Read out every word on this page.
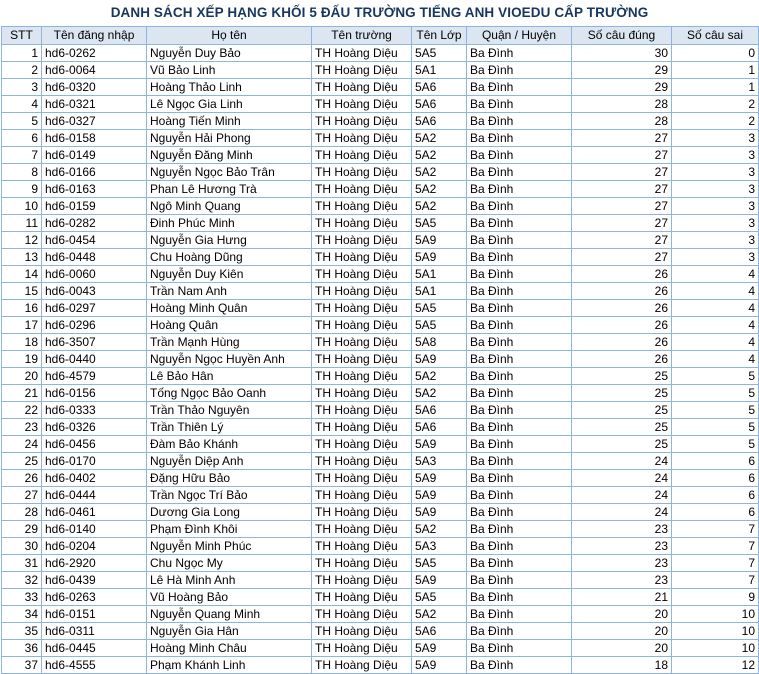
DANH SÁCH XẾP HẠNG KHỐI 5 ĐẤU TRƯỜNG TIẾNG ANH VIOEDU CẤP TRƯỜNG
STT	Tên đăng nhập	Họ tên	Tên trường	Tên Lớp	Quận / Huyện	Số câu đúng	Số câu sai
1	hd6-0262	Nguyễn Duy Bảo	TH Hoàng Diệu	5A5	Ba Đình	30	0
2	hd6-0064	Vũ Bảo Linh	TH Hoàng Diệu	5A1	Ba Đình	29	1
3	hd6-0320	Hoàng Thảo Linh	TH Hoàng Diệu	5A6	Ba Đình	29	1
4	hd6-0321	Lê Ngọc Gia Linh	TH Hoàng Diệu	5A6	Ba Đình	28	2
5	hd6-0327	Hoàng Tiến Minh	TH Hoàng Diệu	5A6	Ba Đình	28	2
6	hd6-0158	Nguyễn Hải Phong	TH Hoàng Diệu	5A2	Ba Đình	27	3
7	hd6-0149	Nguyễn Đăng Minh	TH Hoàng Diệu	5A2	Ba Đình	27	3
8	hd6-0166	Nguyễn Ngọc Bảo Trân	TH Hoàng Diệu	5A2	Ba Đình	27	3
9	hd6-0163	Phan Lê Hương Trà	TH Hoàng Diệu	5A2	Ba Đình	27	3
10	hd6-0159	Ngô Minh Quang	TH Hoàng Diệu	5A2	Ba Đình	27	3
11	hd6-0282	Đinh Phúc Minh	TH Hoàng Diệu	5A5	Ba Đình	27	3
12	hd6-0454	Nguyễn Gia Hưng	TH Hoàng Diệu	5A9	Ba Đình	27	3
13	hd6-0448	Chu Hoàng Dũng	TH Hoàng Diệu	5A9	Ba Đình	27	3
14	hd6-0060	Nguyễn Duy Kiên	TH Hoàng Diệu	5A1	Ba Đình	26	4
15	hd6-0043	Trần Nam Anh	TH Hoàng Diệu	5A1	Ba Đình	26	4
16	hd6-0297	Hoàng Minh Quân	TH Hoàng Diệu	5A5	Ba Đình	26	4
17	hd6-0296	Hoàng Quân	TH Hoàng Diệu	5A5	Ba Đình	26	4
18	hd6-3507	Trần Mạnh Hùng	TH Hoàng Diệu	5A8	Ba Đình	26	4
19	hd6-0440	Nguyễn Ngọc Huyền Anh	TH Hoàng Diệu	5A9	Ba Đình	26	4
20	hd6-4579	Lê Bảo Hân	TH Hoàng Diệu	5A2	Ba Đình	25	5
21	hd6-0156	Tống Ngọc Bảo Oanh	TH Hoàng Diệu	5A2	Ba Đình	25	5
22	hd6-0333	Trần Thảo Nguyên	TH Hoàng Diệu	5A6	Ba Đình	25	5
23	hd6-0326	Trần Thiên Lý	TH Hoàng Diệu	5A6	Ba Đình	25	5
24	hd6-0456	Đàm Bảo Khánh	TH Hoàng Diệu	5A9	Ba Đình	25	5
25	hd6-0170	Nguyễn Diệp Anh	TH Hoàng Diệu	5A3	Ba Đình	24	6
26	hd6-0402	Đặng Hữu Bảo	TH Hoàng Diệu	5A9	Ba Đình	24	6
27	hd6-0444	Trần Ngọc Trí Bảo	TH Hoàng Diệu	5A9	Ba Đình	24	6
28	hd6-0461	Dương Gia Long	TH Hoàng Diệu	5A9	Ba Đình	24	6
29	hd6-0140	Phạm Đình Khôi	TH Hoàng Diệu	5A2	Ba Đình	23	7
30	hd6-0204	Nguyễn Minh Phúc	TH Hoàng Diệu	5A3	Ba Đình	23	7
31	hd6-2920	Chu Ngọc My	TH Hoàng Diệu	5A5	Ba Đình	23	7
32	hd6-0439	Lê Hà Minh Anh	TH Hoàng Diệu	5A9	Ba Đình	23	7
33	hd6-0263	Vũ Hoàng Bảo	TH Hoàng Diệu	5A5	Ba Đình	21	9
34	hd6-0151	Nguyễn Quang Minh	TH Hoàng Diệu	5A2	Ba Đình	20	10
35	hd6-0311	Nguyễn Gia Hân	TH Hoàng Diệu	5A6	Ba Đình	20	10
36	hd6-0445	Hoàng Minh Châu	TH Hoàng Diệu	5A9	Ba Đình	20	10
37	hd6-4555	Phạm Khánh Linh	TH Hoàng Diệu	5A9	Ba Đình	18	12
